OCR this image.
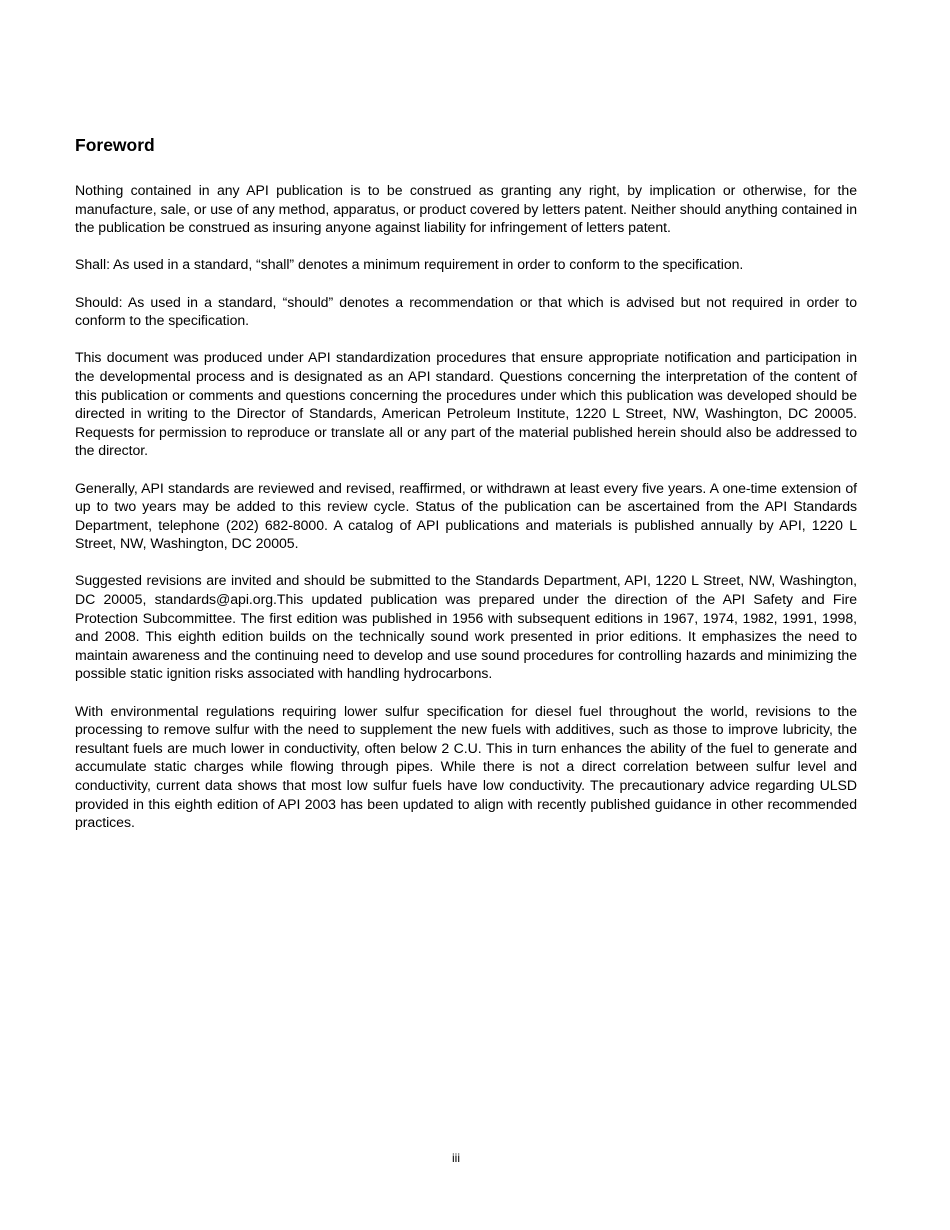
Foreword

Nothing contained in any API publication is to be construed as granting any right, by implication or otherwise, for the manufacture, sale, or use of any method, apparatus, or product covered by letters patent. Neither should anything contained in the publication be construed as insuring anyone against liability for infringement of letters patent.

Shall: As used in a standard, “shall” denotes a minimum requirement in order to conform to the specification.

Should: As used in a standard, “should” denotes a recommendation or that which is advised but not required in order to conform to the specification.

This document was produced under API standardization procedures that ensure appropriate notification and participation in the developmental process and is designated as an API standard. Questions concerning the interpretation of the content of this publication or comments and questions concerning the procedures under which this publication was developed should be directed in writing to the Director of Standards, American Petroleum Institute, 1220 L Street, NW, Washington, DC 20005. Requests for permission to reproduce or translate all or any part of the material published herein should also be addressed to the director.

Generally, API standards are reviewed and revised, reaffirmed, or withdrawn at least every five years. A one-time extension of up to two years may be added to this review cycle. Status of the publication can be ascertained from the API Standards Department, telephone (202) 682-8000. A catalog of API publications and materials is published annually by API, 1220 L Street, NW, Washington, DC 20005.

Suggested revisions are invited and should be submitted to the Standards Department, API, 1220 L Street, NW, Washington, DC 20005, standards@api.org.This updated publication was prepared under the direction of the API Safety and Fire Protection Subcommittee. The first edition was published in 1956 with subsequent editions in 1967, 1974, 1982, 1991, 1998, and 2008. This eighth edition builds on the technically sound work presented in prior editions. It emphasizes the need to maintain awareness and the continuing need to develop and use sound procedures for controlling hazards and minimizing the possible static ignition risks associated with handling hydrocarbons.

With environmental regulations requiring lower sulfur specification for diesel fuel throughout the world, revisions to the processing to remove sulfur with the need to supplement the new fuels with additives, such as those to improve lubricity, the resultant fuels are much lower in conductivity, often below 2 C.U. This in turn enhances the ability of the fuel to generate and accumulate static charges while flowing through pipes. While there is not a direct correlation between sulfur level and conductivity, current data shows that most low sulfur fuels have low conductivity. The precautionary advice regarding ULSD provided in this eighth edition of API 2003 has been updated to align with recently published guidance in other recommended practices.

iii
